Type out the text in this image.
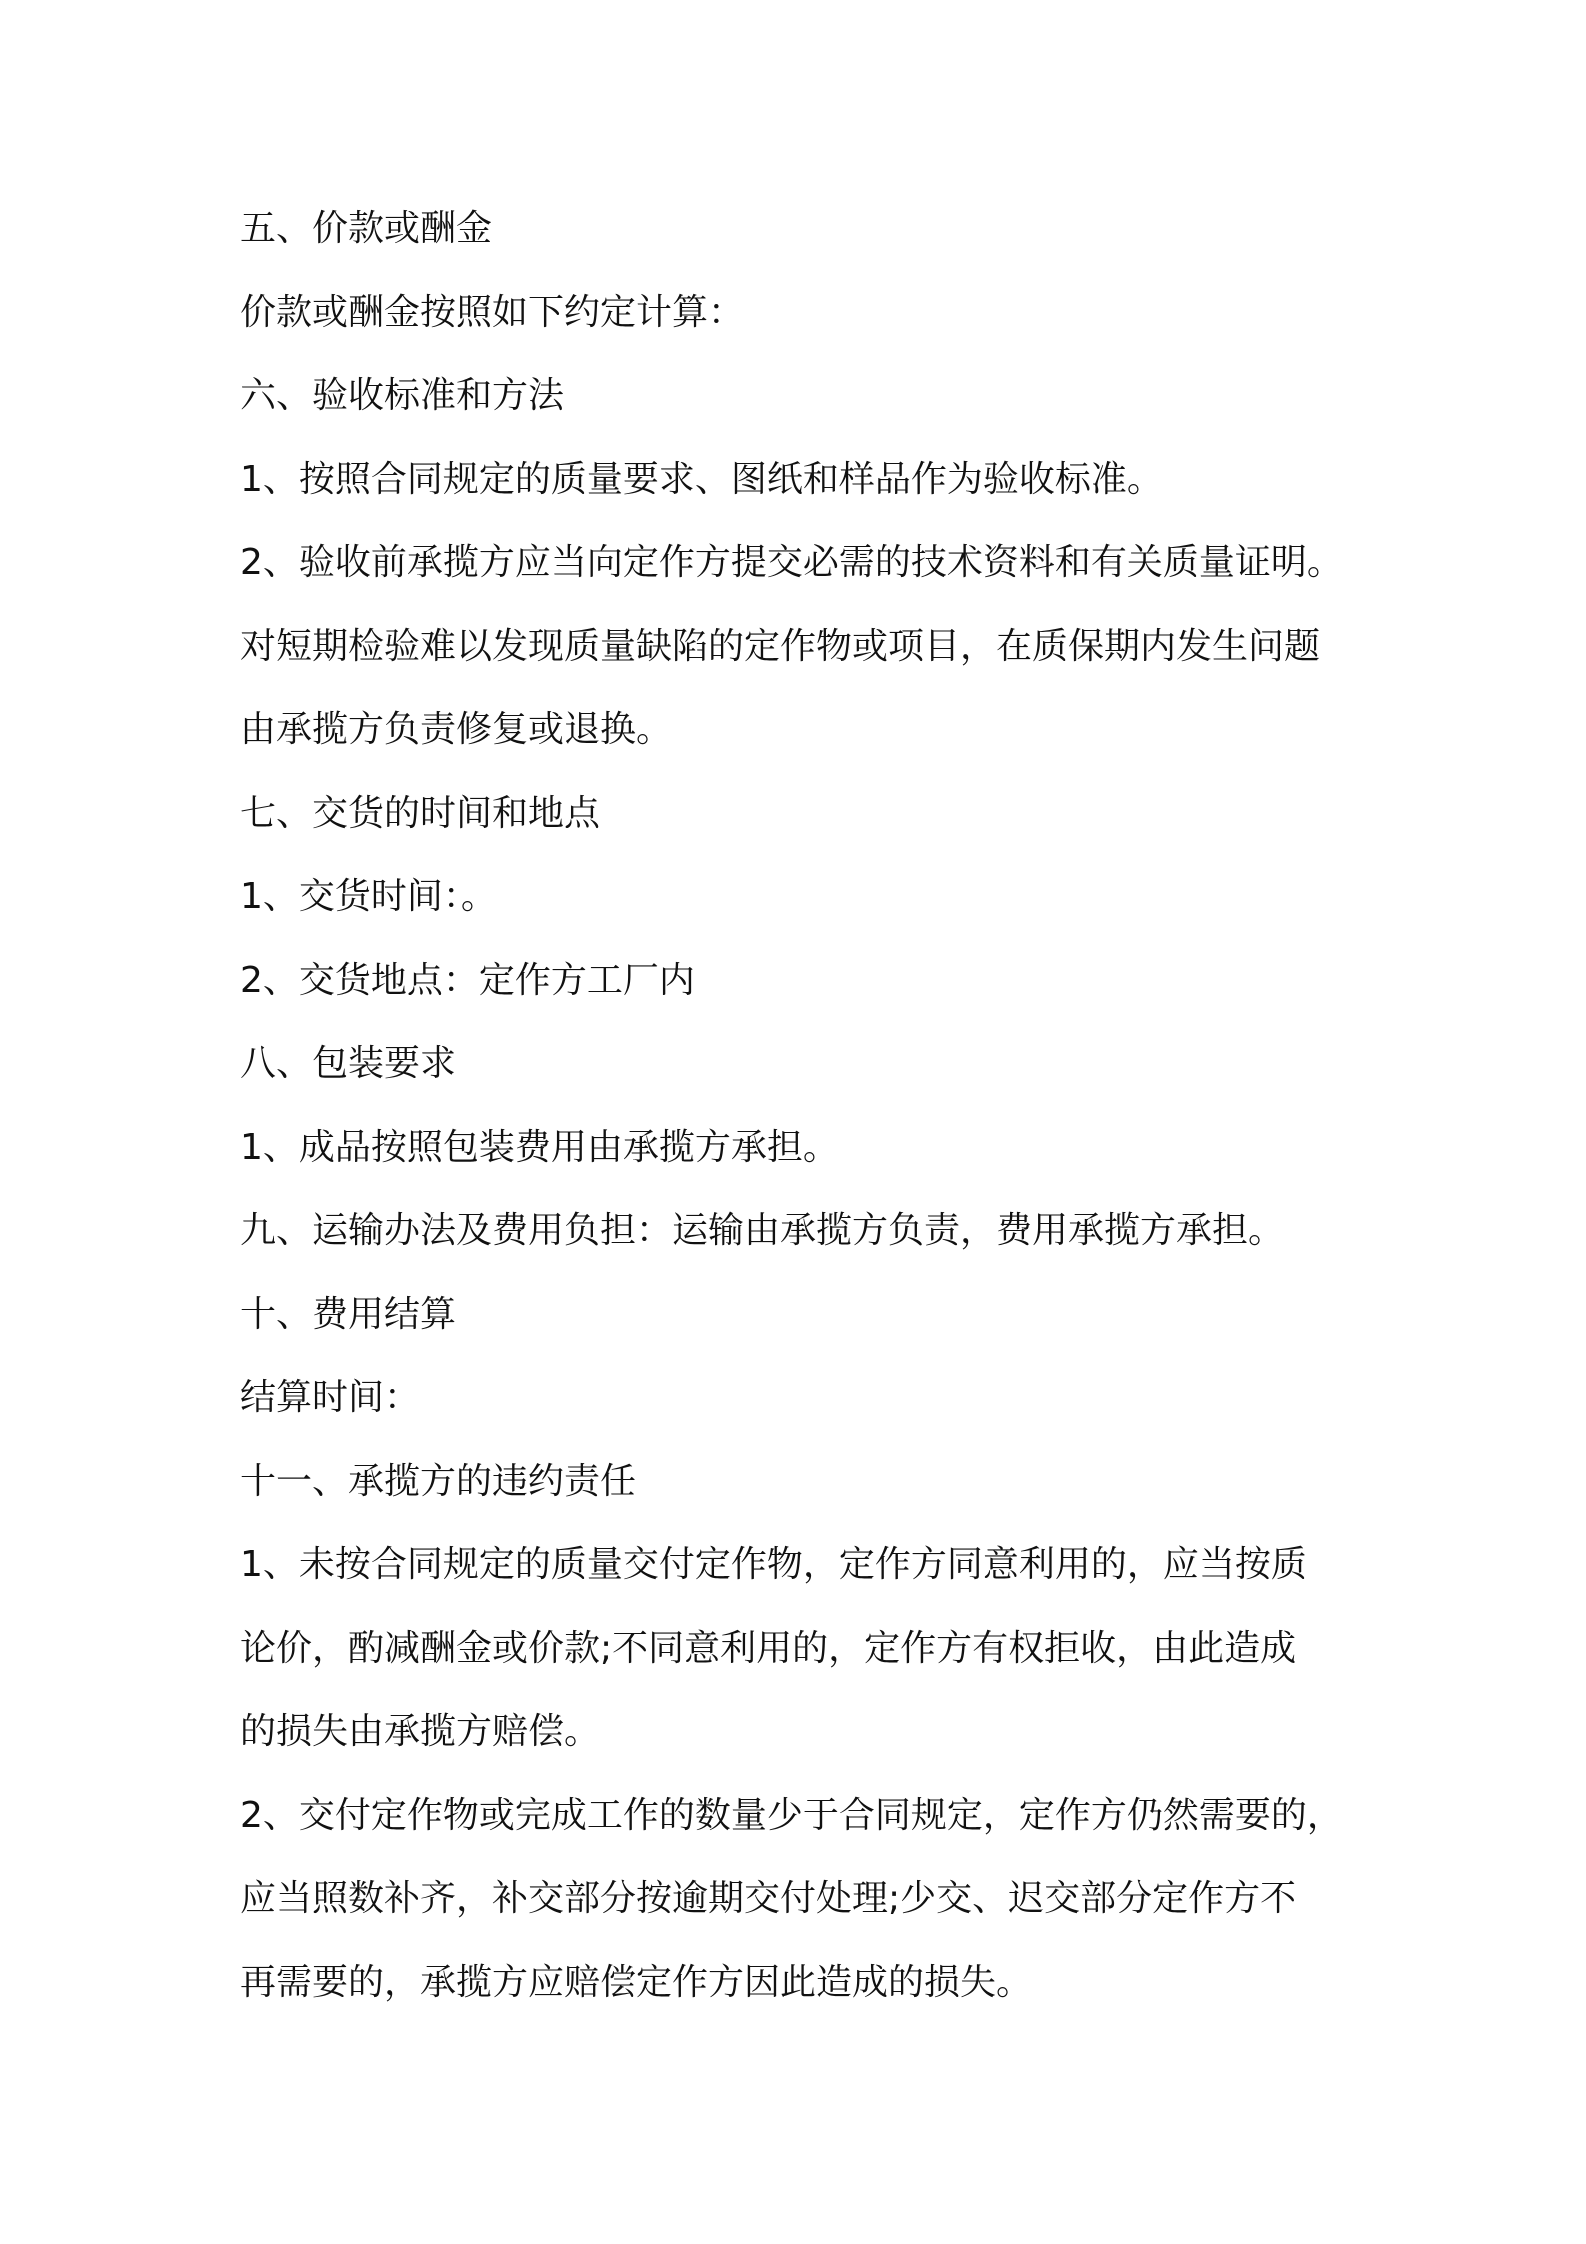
五、价款或酬金
价款或酬金按照如下约定计算：
六、验收标准和方法
1、按照合同规定的质量要求、图纸和样品作为验收标准。
2、验收前承揽方应当向定作方提交必需的技术资料和有关质量证明。
对短期检验难以发现质量缺陷的定作物或项目，在质保期内发生问题
由承揽方负责修复或退换。
七、交货的时间和地点
1、交货时间：。
2、交货地点：定作方工厂内
八、包装要求
1、成品按照包装费用由承揽方承担。
九、运输办法及费用负担：运输由承揽方负责，费用承揽方承担。
十、费用结算
结算时间：
十一、承揽方的违约责任
1、未按合同规定的质量交付定作物，定作方同意利用的，应当按质
论价，酌减酬金或价款;不同意利用的，定作方有权拒收，由此造成
的损失由承揽方赔偿。
2、交付定作物或完成工作的数量少于合同规定，定作方仍然需要的，
应当照数补齐，补交部分按逾期交付处理;少交、迟交部分定作方不
再需要的，承揽方应赔偿定作方因此造成的损失。
